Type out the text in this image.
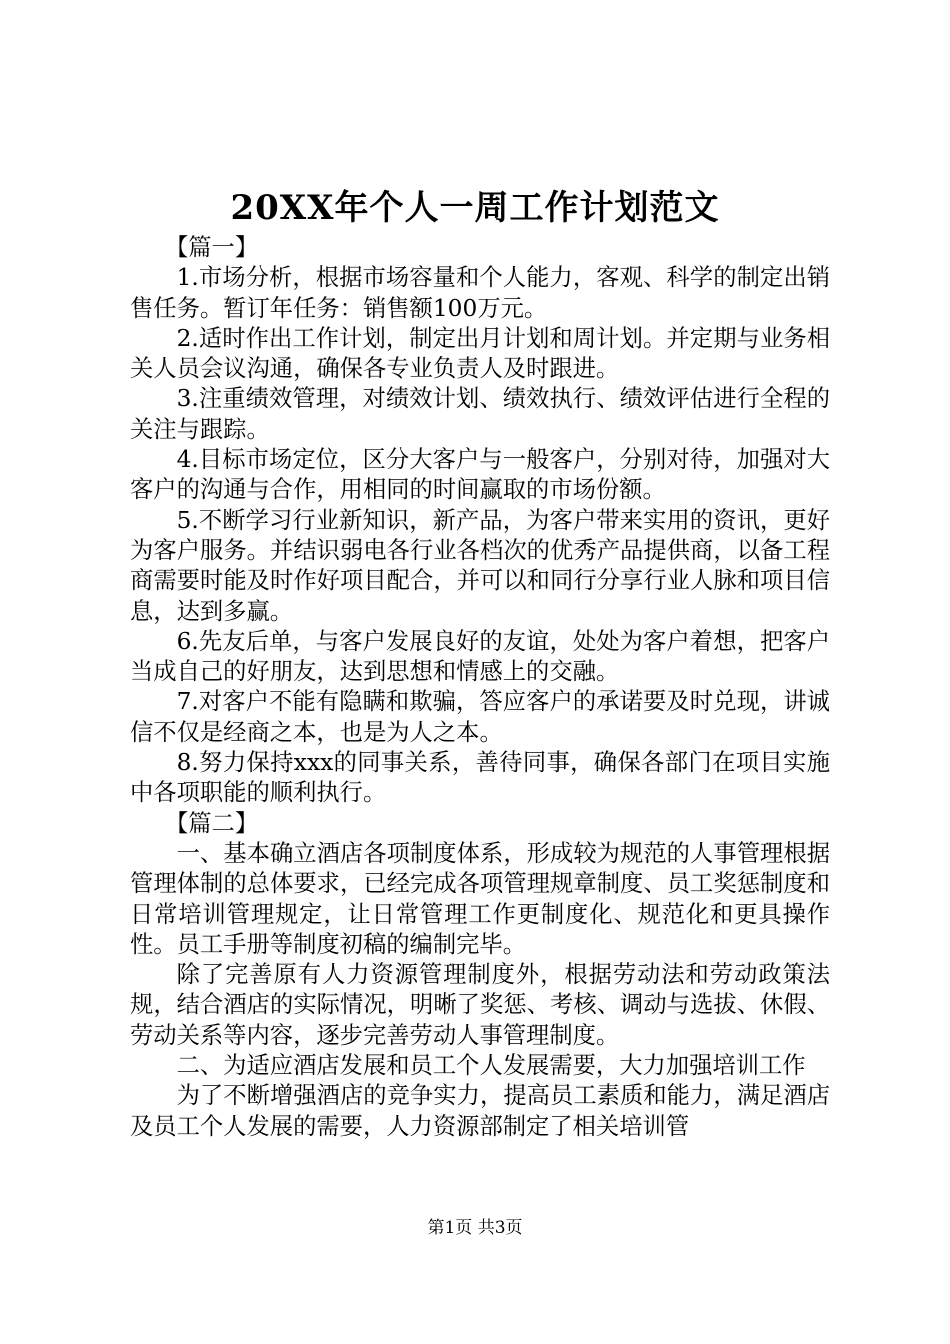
20XX年个人一周工作计划范文

【篇一】

1.市场分析，根据市场容量和个人能力，客观、科学的制定出销售任务。暂订年任务：销售额100万元。

2.适时作出工作计划，制定出月计划和周计划。并定期与业务相关人员会议沟通，确保各专业负责人及时跟进。

3.注重绩效管理，对绩效计划、绩效执行、绩效评估进行全程的关注与跟踪。

4.目标市场定位，区分大客户与一般客户，分别对待，加强对大客户的沟通与合作，用相同的时间赢取的市场份额。

5.不断学习行业新知识，新产品，为客户带来实用的资讯，更好为客户服务。并结识弱电各行业各档次的优秀产品提供商，以备工程商需要时能及时作好项目配合，并可以和同行分享行业人脉和项目信息，达到多赢。

6.先友后单，与客户发展良好的友谊，处处为客户着想，把客户当成自己的好朋友，达到思想和情感上的交融。

7.对客户不能有隐瞒和欺骗，答应客户的承诺要及时兑现，讲诚信不仅是经商之本，也是为人之本。

8.努力保持xxx的同事关系，善待同事，确保各部门在项目实施中各项职能的顺利执行。

【篇二】

一、基本确立酒店各项制度体系，形成较为规范的人事管理根据管理体制的总体要求，已经完成各项管理规章制度、员工奖惩制度和日常培训管理规定，让日常管理工作更制度化、规范化和更具操作性。员工手册等制度初稿的编制完毕。

除了完善原有人力资源管理制度外，根据劳动法和劳动政策法规，结合酒店的实际情况，明晰了奖惩、考核、调动与选拔、休假、劳动关系等内容，逐步完善劳动人事管理制度。

二、为适应酒店发展和员工个人发展需要，大力加强培训工作

为了不断增强酒店的竞争实力，提高员工素质和能力，满足酒店及员工个人发展的需要，人力资源部制定了相关培训管

第1页 共3页
